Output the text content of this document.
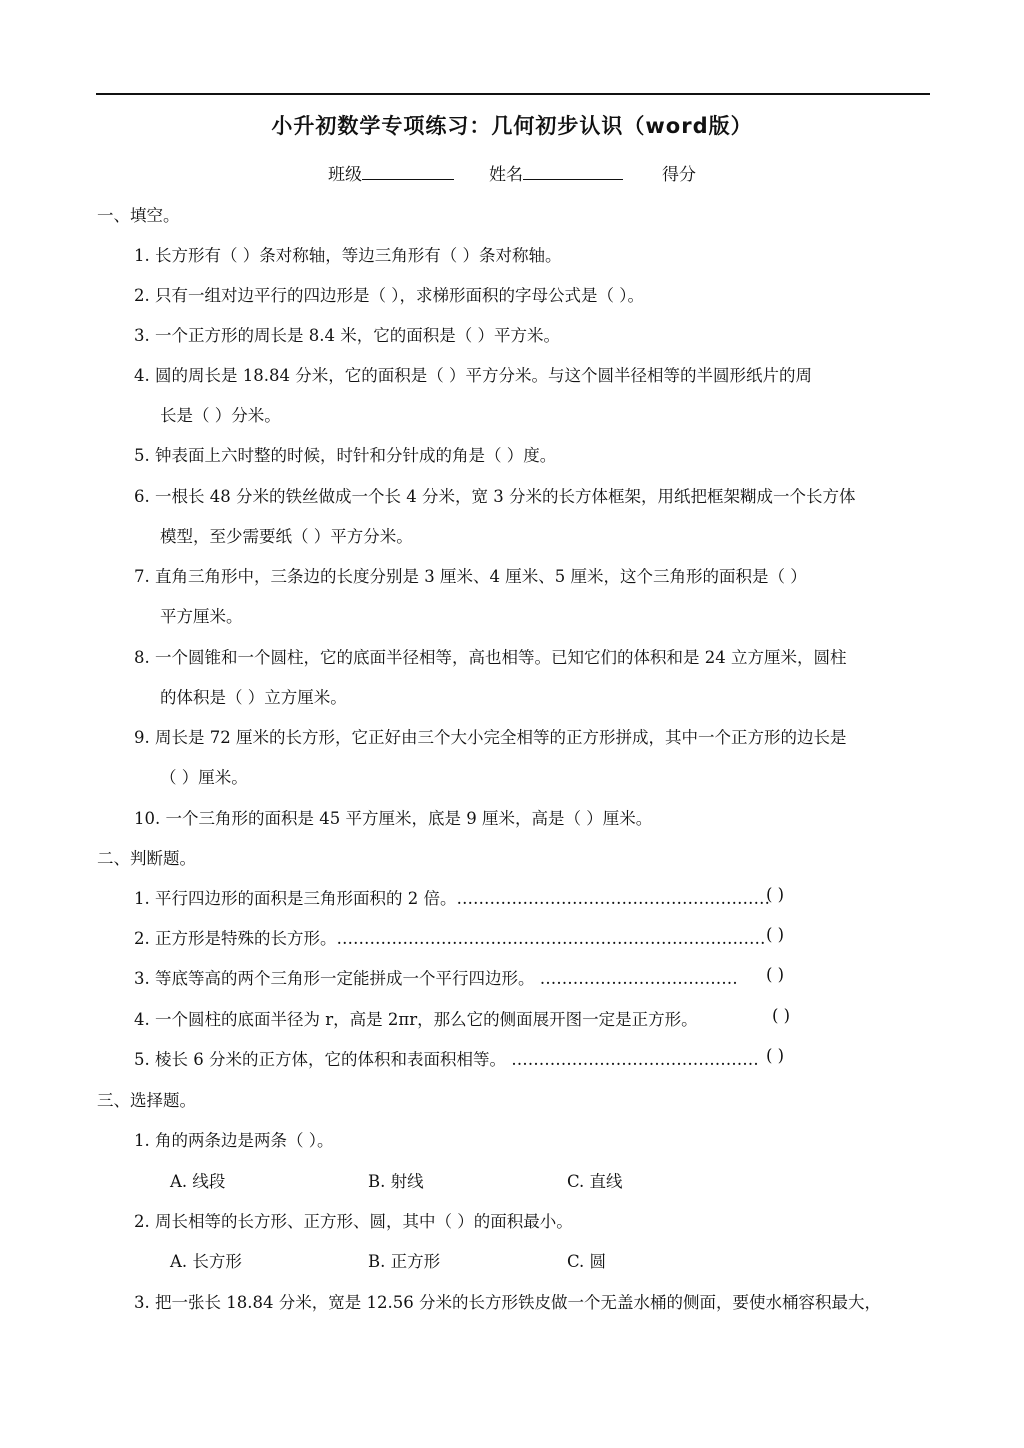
小升初数学专项练习：几何初步认识（word版）
班级	姓名	得分
一、填空。
1. 长方形有（ ）条对称轴，等边三角形有（ ）条对称轴。
2. 只有一组对边平行的四边形是（ ），求梯形面积的字母公式是（ ）。
3. 一个正方形的周长是 8.4 米，它的面积是（ ）平方米。
4. 圆的周长是 18.84 分米，它的面积是（ ）平方分米。与这个圆半径相等的半圆形纸片的周
长是（ ）分米。
5. 钟表面上六时整的时候，时针和分针成的角是（ ）度。
6. 一根长 48 分米的铁丝做成一个长 4 分米，宽 3 分米的长方体框架，用纸把框架糊成一个长方体
模型，至少需要纸（ ）平方分米。
7. 直角三角形中，三条边的长度分别是 3 厘米、4 厘米、5 厘米，这个三角形的面积是（ ）
平方厘米。
8. 一个圆锥和一个圆柱，它的底面半径相等，高也相等。已知它们的体积和是 24 立方厘米，圆柱
的体积是（ ）立方厘米。
9. 周长是 72 厘米的长方形，它正好由三个大小完全相等的正方形拼成，其中一个正方形的边长是
（ ）厘米。
10. 一个三角形的面积是 45 平方厘米，底是 9 厘米，高是（ ）厘米。
二、判断题。
1. 平行四边形的面积是三角形面积的 2 倍。…………………………………………………
( )
2. 正方形是特殊的长方形。…………………………………………………………………… ( )
3. 等底等高的两个三角形一定能拼成一个平行四边形。 ……………………………… ( )
4. 一个圆柱的底面半径为 r，高是 2πr，那么它的侧面展开图一定是正方形。	( )
5. 棱长 6 分米的正方体，它的体积和表面积相等。 ……………………………………… ( )
三、选择题。
1. 角的两条边是两条（ ）。
A. 线段	B. 射线	C. 直线
2. 周长相等的长方形、正方形、圆，其中（ ）的面积最小。
A. 长方形	B. 正方形	C. 圆
3. 把一张长 18.84 分米，宽是 12.56 分米的长方形铁皮做一个无盖水桶的侧面，要使水桶容积最大，
